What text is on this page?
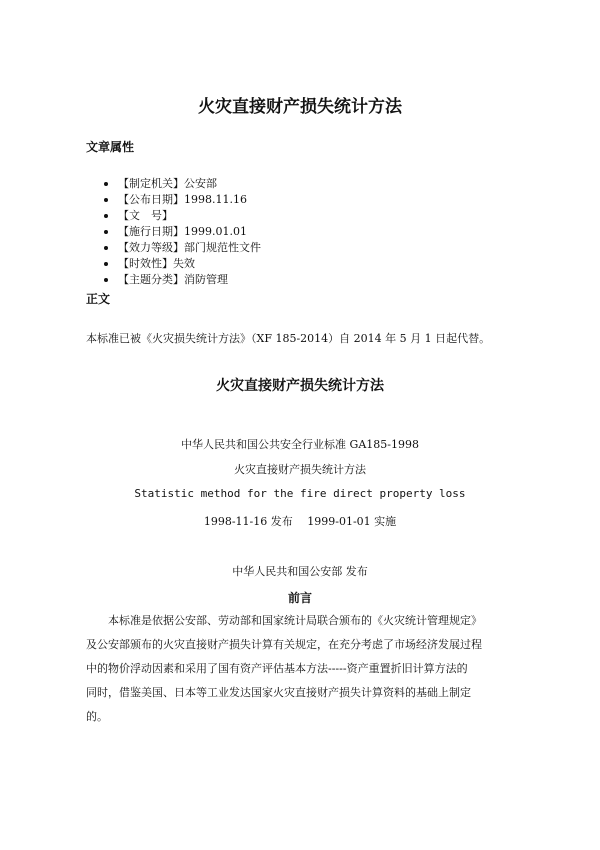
火灾直接财产损失统计方法
文章属性
【制定机关】公安部
【公布日期】1998.11.16
【文　号】
【施行日期】1999.01.01
【效力等级】部门规范性文件
【时效性】失效
【主题分类】消防管理
正文
本标准已被《火灾损失统计方法》（XF 185-2014）自 2014 年 5 月 1 日起代替。
火灾直接财产损失统计方法
中华人民共和国公共安全行业标准 GA185-1998
火灾直接财产损失统计方法
Statistic method for the fire direct property loss
1998-11-16 发布　 1999-01-01 实施
中华人民共和国公安部 发布
前言
　　本标准是依据公安部、劳动部和国家统计局联合颁布的《火灾统计管理规定》
及公安部颁布的火灾直接财产损失计算有关规定，在充分考虑了市场经济发展过程
中的物价浮动因素和采用了国有资产评估基本方法-----资产重置折旧计算方法的
同时，借鉴美国、日本等工业发达国家火灾直接财产损失计算资料的基础上制定
的。
